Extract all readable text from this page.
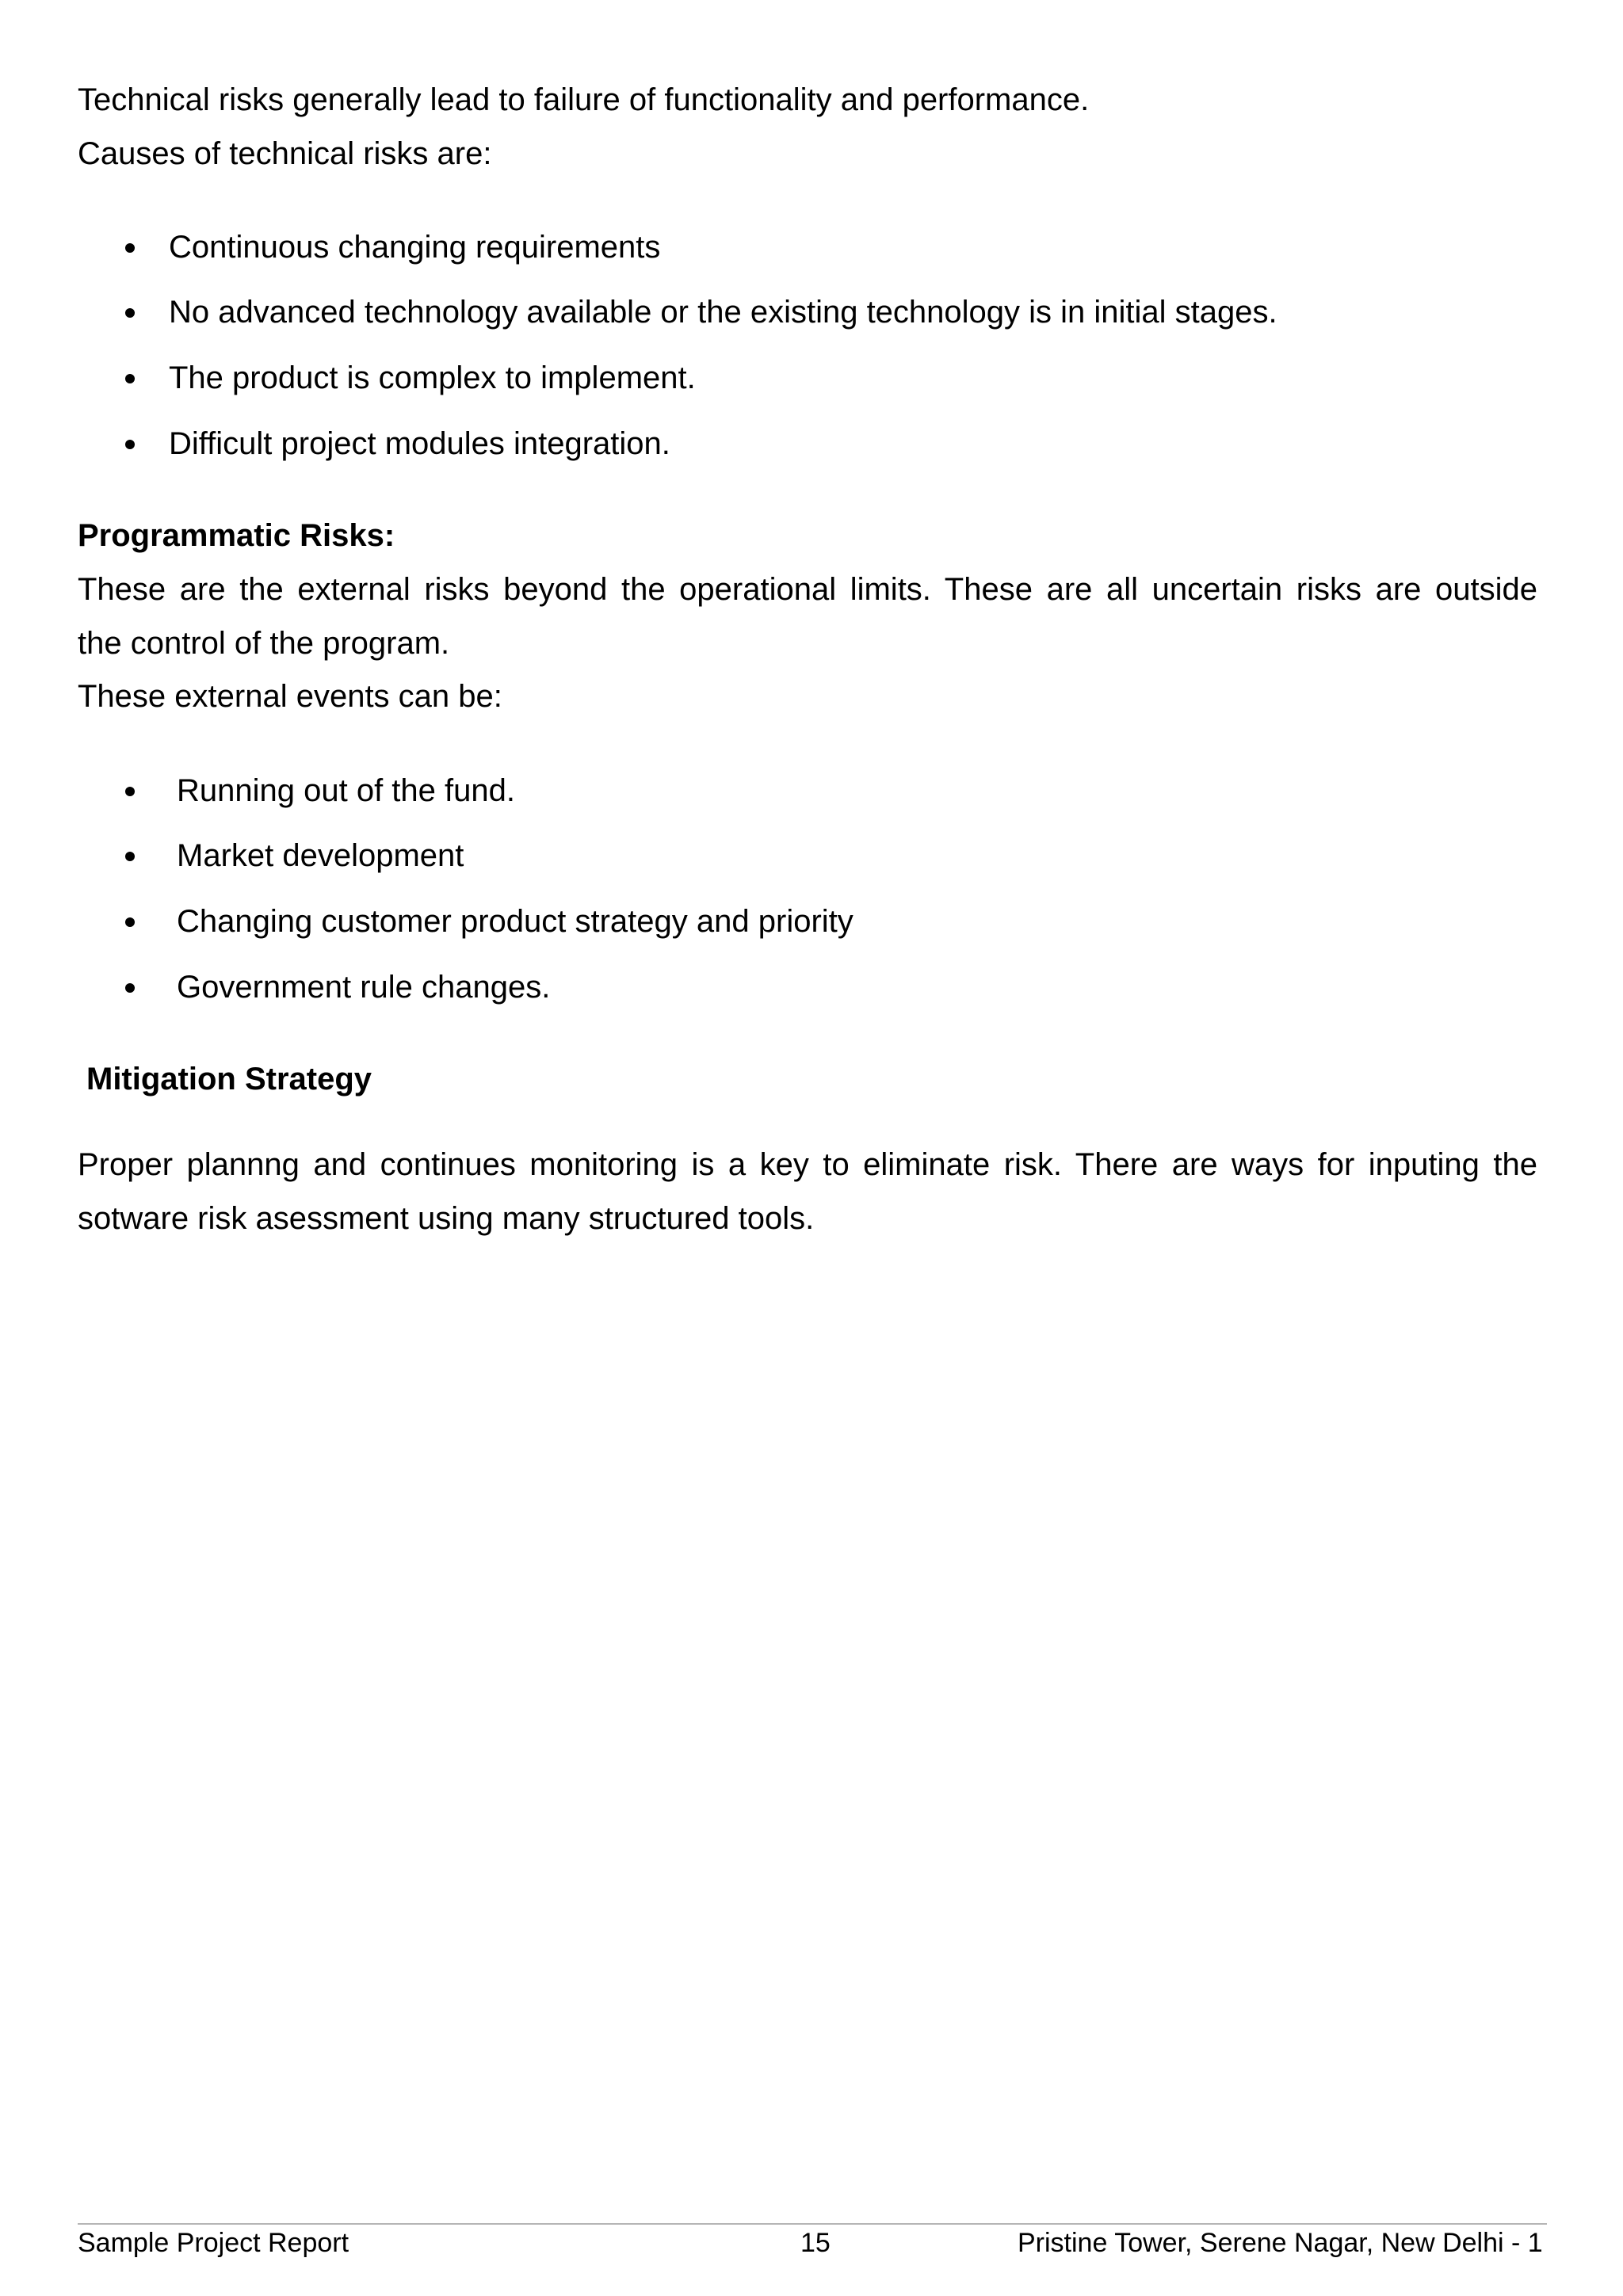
Technical risks generally lead to failure of functionality and performance.
Causes of technical risks are:
Continuous changing requirements
No advanced technology available or the existing technology is in initial stages.
The product is complex to implement.
Difficult project modules integration.
Programmatic Risks:
These are the external risks beyond the operational limits. These are all uncertain risks are outside
the control of the program.
These external events can be:
Running out of the fund.
Market development
Changing customer product strategy and priority
Government rule changes.
Mitigation Strategy
Proper plannng and continues monitoring is a key to eliminate risk. There are ways for inputing the
sotware risk asessment using many structured tools.
Sample Project Report	15	Pristine Tower, Serene Nagar, New Delhi - 1
